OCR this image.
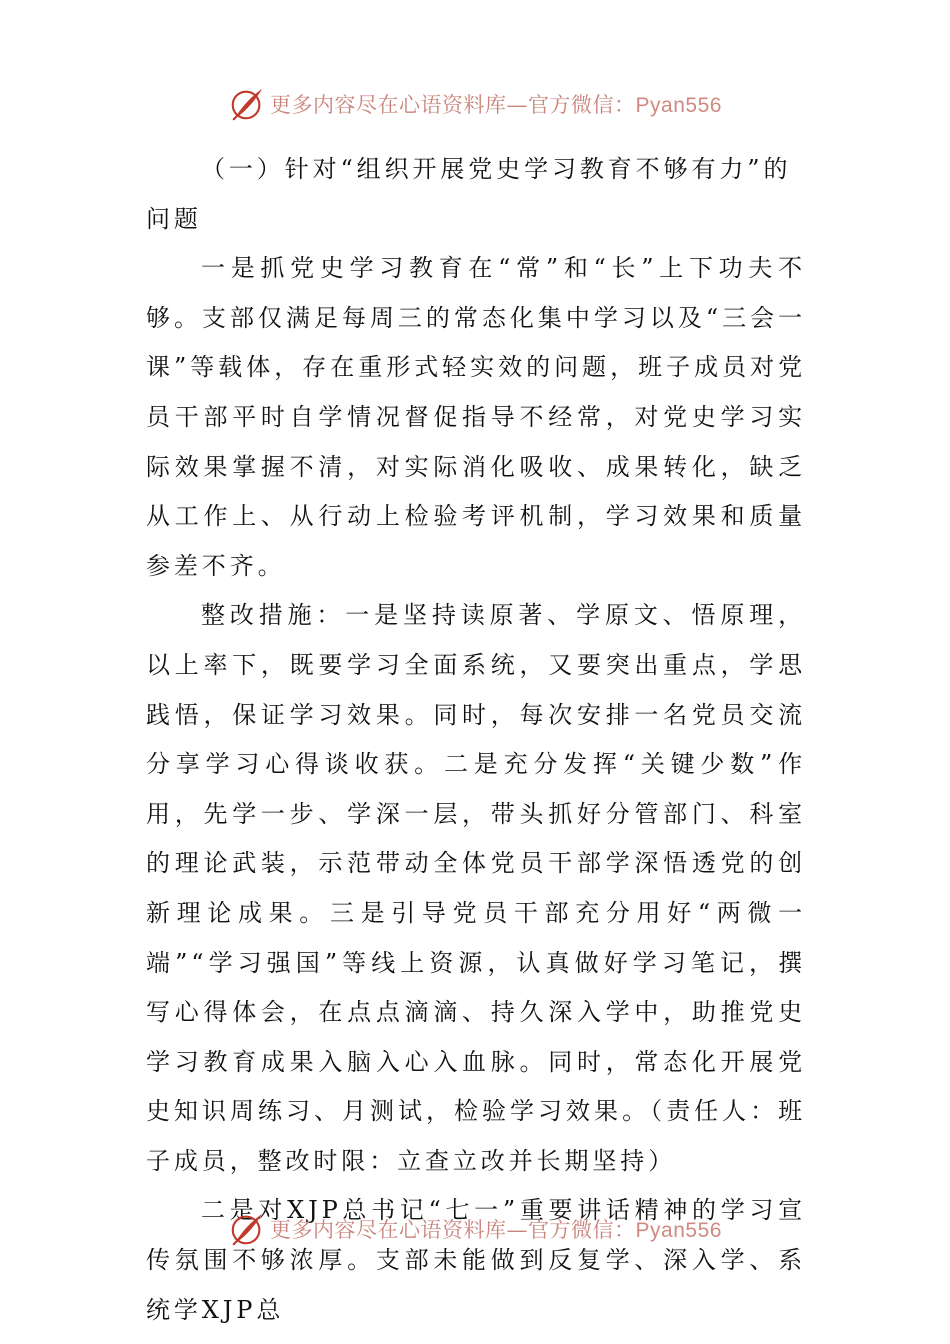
更多内容尽在心语资料库—官方微信：Pyan556

（一）针对“组织开展党史学习教育不够有力”的问题

一是抓党史学习教育在“常”和“长”上下功夫不够。支部仅满足每周三的常态化集中学习以及“三会一课”等载体，存在重形式轻实效的问题，班子成员对党员干部平时自学情况督促指导不经常，对党史学习实际效果掌握不清，对实际消化吸收、成果转化，缺乏从工作上、从行动上检验考评机制，学习效果和质量参差不齐。

整改措施：一是坚持读原著、学原文、悟原理，以上率下，既要学习全面系统，又要突出重点，学思践悟，保证学习效果。同时，每次安排一名党员交流分享学习心得谈收获。二是充分发挥“关键少数”作用，先学一步、学深一层，带头抓好分管部门、科室的理论武装，示范带动全体党员干部学深悟透党的创新理论成果。三是引导党员干部充分用好“两微一端”“学习强国”等线上资源，认真做好学习笔记，撰写心得体会，在点点滴滴、持久深入学中，助推党史学习教育成果入脑入心入血脉。同时，常态化开展党史知识周练习、月测试，检验学习效果。（责任人：班子成员，整改时限：立查立改并长期坚持）

二是对XJP总书记“七一”重要讲话精神的学习宣传氛围不够浓厚。支部未能做到反复学、深入学、系统学XJP总

更多内容尽在心语资料库—官方微信：Pyan556
